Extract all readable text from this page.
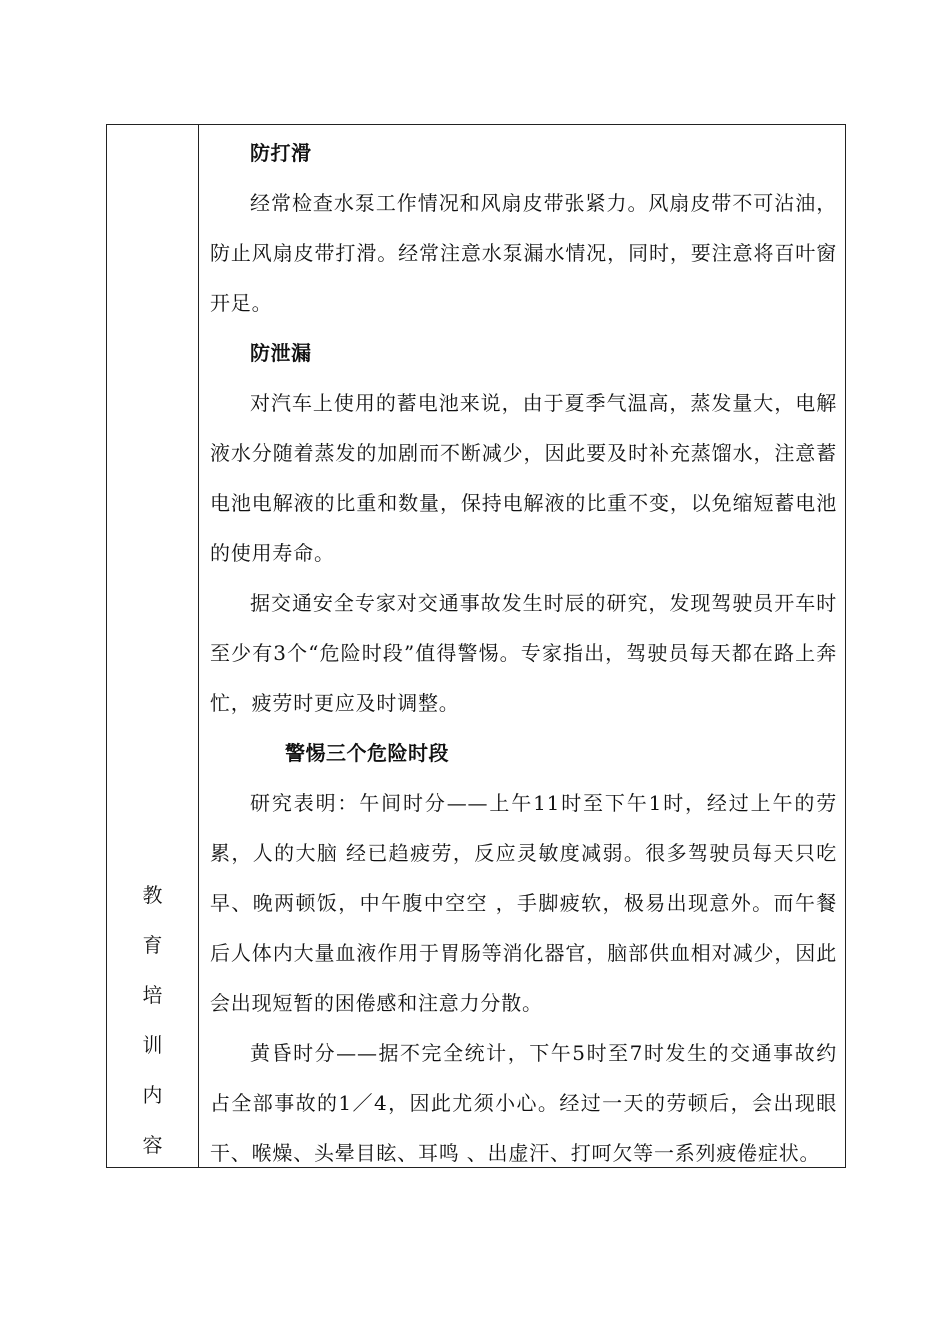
教
育
培
训
内
容

防打滑

经常检查水泵工作情况和风扇皮带张紧力。风扇皮带不可沾油，防止风扇皮带打滑。经常注意水泵漏水情况，同时，要注意将百叶窗开足。

防泄漏

对汽车上使用的蓄电池来说，由于夏季气温高，蒸发量大，电解液水分随着蒸发的加剧而不断减少，因此要及时补充蒸馏水，注意蓄电池电解液的比重和数量，保持电解液的比重不变，以免缩短蓄电池的使用寿命。

据交通安全专家对交通事故发生时辰的研究，发现驾驶员开车时至少有3个“危险时段”值得警惕。专家指出，驾驶员每天都在路上奔忙，疲劳时更应及时调整。

警惕三个危险时段

研究表明：午间时分——上午11时至下午1时，经过上午的劳累，人的大脑 经已趋疲劳，反应灵敏度减弱。很多驾驶员每天只吃早、晚两顿饭，中午腹中空空 ，手脚疲软，极易出现意外。而午餐后人体内大量血液作用于胃肠等消化器官，脑部供血相对减少，因此会出现短暂的困倦感和注意力分散。

黄昏时分——据不完全统计，下午5时至7时发生的交通事故约占全部事故的1／4，因此尤须小心。经过一天的劳顿后，会出现眼干、喉燥、头晕目眩、耳鸣 、出虚汗、打呵欠等一系列疲倦症状。
